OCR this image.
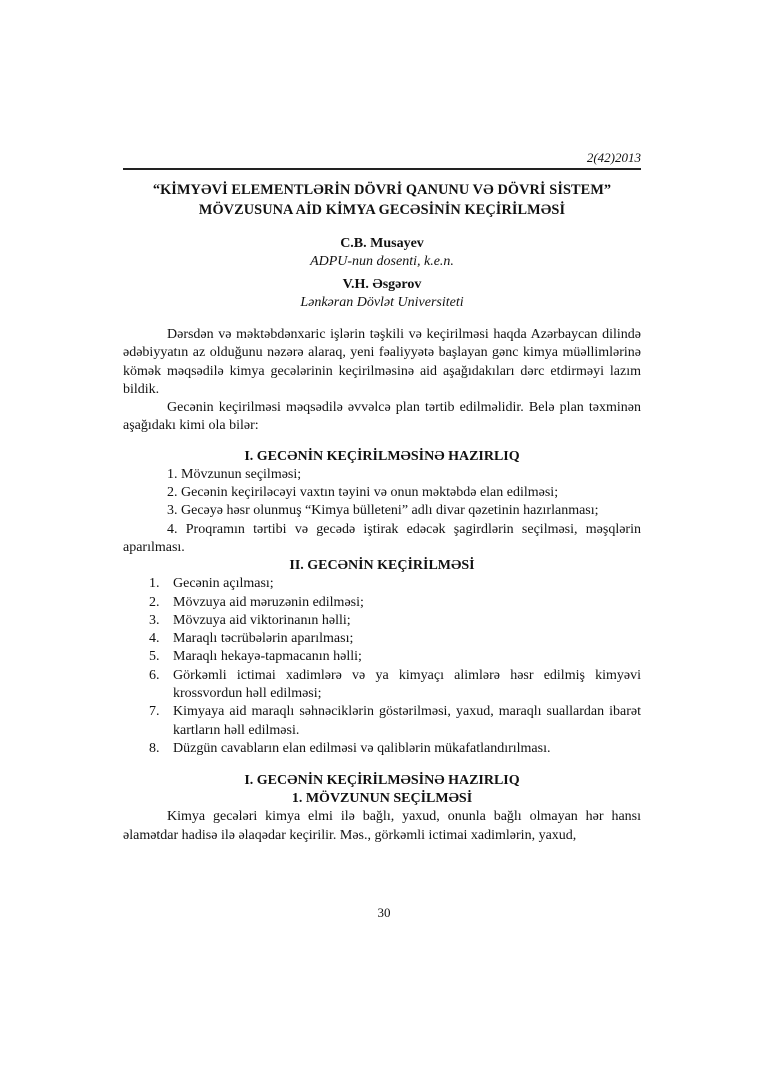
2(42)2013
“KİMYƏVİ ELEMENTLƏRİN DÖVRİ QANUNU VƏ DÖVRİ SİSTEM”
MÖVZUSUNA AİD KİMYA GECƏSİNİN KEÇİRİLMƏSİ
C.B. Musayev
ADPU-nun dosenti, k.e.n.
V.H. Əsgərov
Lənkəran Dövlət Universiteti

Dərsdən və məktəbdənxaric işlərin təşkili və keçirilməsi haqda Azərbaycan dilində ədəbiyyatın az olduğunu nəzərə alaraq, yeni fəaliyyətə başlayan gənc kimya müəllimlərinə kömək məqsədilə kimya gecələrinin keçirilməsinə aid aşağıdakıları dərc etdirməyi lazım bildik.

Gecənin keçirilməsi məqsədilə əvvəlcə plan tərtib edilməlidir. Belə plan təxminən aşağıdakı kimi ola bilər:

I. GECƏNİN KEÇİRİLMƏSİNƏ HAZIRLIQ

1. Mövzunun seçilməsi;

2. Gecənin keçiriləcəyi vaxtın təyini və onun məktəbdə elan edilməsi;

3. Gecəyə həsr olunmuş “Kimya bülleteni” adlı divar qəzetinin hazırlanması;

4. Proqramın tərtibi və gecədə iştirak edəcək şagirdlərin seçilməsi, məşqlərin aparılması.

II. GECƏNİN KEÇİRİLMƏSİ
1. Gecənin açılması;
2. Mövzuya aid məruzənin edilməsi;
3. Mövzuya aid viktorinanın həlli;
4. Maraqlı təcrübələrin aparılması;
5. Maraqlı hekayə-tapmacanın həlli;
6. Görkəmli ictimai xadimlərə və ya kimyaçı alimlərə həsr edilmiş kimyəvi krossvordun həll edilməsi;
7. Kimyaya aid maraqlı səhnəciklərin göstərilməsi, yaxud, maraqlı suallardan ibarət kartların həll edilməsi.
8. Düzgün cavabların elan edilməsi və qaliblərin mükafatlandırılması.
I. GECƏNİN KEÇİRİLMƏSİNƏ HAZIRLIQ
1. MÖVZUNUN SEÇİLMƏSİ

Kimya gecələri kimya elmi ilə bağlı, yaxud, onunla bağlı olmayan hər hansı əlamətdar hadisə ilə əlaqədar keçirilir. Məs., görkəmli ictimai xadimlərin, yaxud,

30
